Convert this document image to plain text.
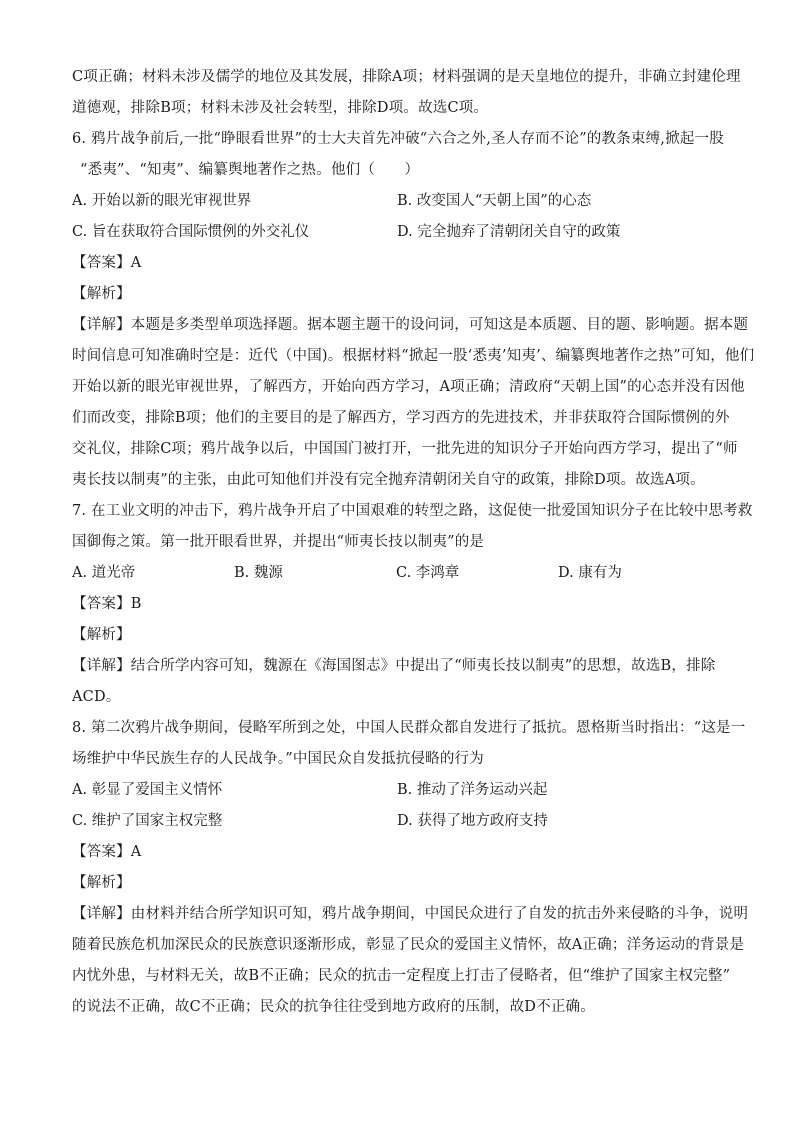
C项正确；材料未涉及儒学的地位及其发展，排除A项；材料强调的是天皇地位的提升，非确立封建伦理
道德观，排除B项；材料未涉及社会转型，排除D项。故选C项。
6. 鸦片战争前后,一批“睁眼看世界”的士大夫首先冲破“六合之外,圣人存而不论”的教条束缚,掀起一股
“悉夷”、“知夷”、编纂舆地著作之热。他们（　　）
A. 开始以新的眼光审视世界	B. 改变国人“天朝上国”的心态
C. 旨在获取符合国际惯例的外交礼仪	D. 完全抛弃了清朝闭关自守的政策
【答案】A
【解析】
【详解】本题是多类型单项选择题。据本题主题干的设问词，可知这是本质题、目的题、影响题。据本题
时间信息可知准确时空是：近代（中国)。根据材料“掀起一股‘悉夷’知夷’、编纂舆地著作之热”可知，他们
开始以新的眼光审视世界，了解西方，开始向西方学习，A项正确；清政府“天朝上国”的心态并没有因他
们而改变，排除B项；他们的主要目的是了解西方，学习西方的先进技术，并非获取符合国际惯例的外
交礼仪，排除C项；鸦片战争以后，中国国门被打开，一批先进的知识分子开始向西方学习，提出了“师
夷长技以制夷”的主张，由此可知他们并没有完全抛弃清朝闭关自守的政策，排除D项。故选A项。
7. 在工业文明的冲击下，鸦片战争开启了中国艰难的转型之路，这促使一批爱国知识分子在比较中思考救
国御侮之策。第一批开眼看世界，并提出“师夷长技以制夷”的是
A. 道光帝	B. 魏源	C. 李鸿章	D. 康有为
【答案】B
【解析】
【详解】结合所学内容可知，魏源在《海国图志》中提出了“师夷长技以制夷”的思想，故选B，排除
ACD。
8. 第二次鸦片战争期间，侵略军所到之处，中国人民群众都自发进行了抵抗。恩格斯当时指出：“这是一
场维护中华民族生存的人民战争。”中国民众自发抵抗侵略的行为
A. 彰显了爱国主义情怀	B. 推动了洋务运动兴起
C. 维护了国家主权完整	D. 获得了地方政府支持
【答案】A
【解析】
【详解】由材料并结合所学知识可知，鸦片战争期间，中国民众进行了自发的抗击外来侵略的斗争，说明
随着民族危机加深民众的民族意识逐渐形成，彰显了民众的爱国主义情怀，故A正确；洋务运动的背景是
内忧外患，与材料无关，故B不正确；民众的抗击一定程度上打击了侵略者，但“维护了国家主权完整”
的说法不正确，故C不正确；民众的抗争往往受到地方政府的压制，故D不正确。
